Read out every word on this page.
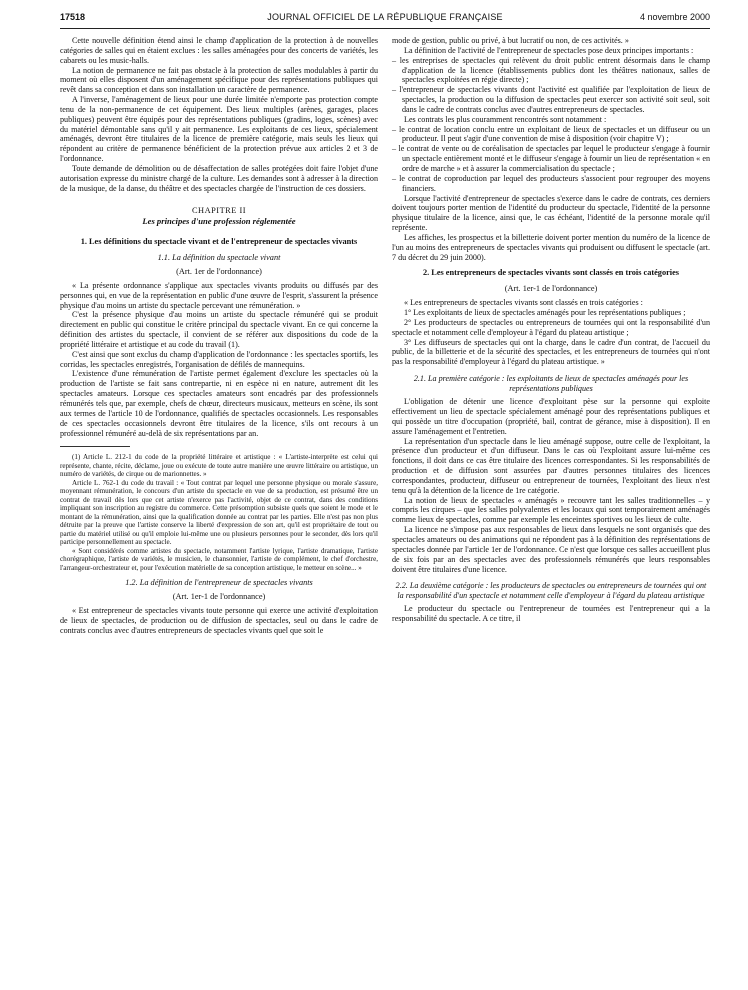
17518	JOURNAL OFFICIEL DE LA RÉPUBLIQUE FRANÇAISE	4 novembre 2000

Cette nouvelle définition étend ainsi le champ d'application de la protection à de nouvelles catégories de salles qui en étaient exclues : les salles aménagées pour des concerts de variétés, les cabarets ou les music-halls.

La notion de permanence ne fait pas obstacle à la protection de salles modulables à partir du moment où elles disposent d'un aménagement spécifique pour des représentations publiques qui revêt dans sa conception et dans son installation un caractère de permanence.

A l'inverse, l'aménagement de lieux pour une durée limitée n'emporte pas protection compte tenu de la non-permanence de cet équipement. Des lieux multiples (arènes, garages, places publiques) peuvent être équipés pour des représentations publiques (gradins, loges, scènes) avec du matériel démontable sans qu'il y ait permanence. Les exploitants de ces lieux, spécialement aménagés, devront être titulaires de la licence de première catégorie, mais seuls les lieux qui répondent au critère de permanence bénéficient de la protection prévue aux articles 2 et 3 de l'ordonnance.

Toute demande de démolition ou de désaffectation de salles protégées doit faire l'objet d'une autorisation expresse du ministre chargé de la culture. Les demandes sont à adresser à la direction de la musique, de la danse, du théâtre et des spectacles chargée de l'instruction de ces dossiers.

CHAPITRE II
Les principes d'une profession réglementée
1. Les définitions du spectacle vivant et de l'entrepreneur de spectacles vivants
1.1. La définition du spectacle vivant
(Art. 1er de l'ordonnance)

« La présente ordonnance s'applique aux spectacles vivants produits ou diffusés par des personnes qui, en vue de la représentation en public d'une œuvre de l'esprit, s'assurent la présence physique d'au moins un artiste du spectacle percevant une rémunération. »

C'est la présence physique d'au moins un artiste du spectacle rémunéré qui se produit directement en public qui constitue le critère principal du spectacle vivant. En ce qui concerne la définition des artistes du spectacle, il convient de se référer aux dispositions du code de la propriété littéraire et artistique et au code du travail (1).

C'est ainsi que sont exclus du champ d'application de l'ordonnance : les spectacles sportifs, les corridas, les spectacles enregistrés, l'organisation de défilés de mannequins.

L'existence d'une rémunération de l'artiste permet également d'exclure les spectacles où la production de l'artiste se fait sans contrepartie, ni en espèce ni en nature, autrement dit les spectacles amateurs. Lorsque ces spectacles amateurs sont encadrés par des professionnels rémunérés tels que, par exemple, chefs de chœur, directeurs musicaux, metteurs en scène, ils sont aux termes de l'article 10 de l'ordonnance, qualifiés de spectacles occasionnels. Les responsables de ces spectacles occasionnels devront être titulaires de la licence, s'ils ont recours à un professionnel rémunéré au-delà de six représentations par an.

(1) Article L. 212-1 du code de la propriété littéraire et artistique : « L'artiste-interprète est celui qui représente, chante, récite, déclame, joue ou exécute de toute autre manière une œuvre littéraire ou artistique, un numéro de variétés, de cirque ou de marionnettes. »

Article L. 762-1 du code du travail : « Tout contrat par lequel une personne physique ou morale s'assure, moyennant rémunération, le concours d'un artiste du spectacle en vue de sa production, est présumé être un contrat de travail dès lors que cet artiste n'exerce pas l'activité, objet de ce contrat, dans des conditions impliquant son inscription au registre du commerce. Cette présomption subsiste quels que soient le mode et le montant de la rémunération, ainsi que la qualification donnée au contrat par les parties. Elle n'est pas non plus détruite par la preuve que l'artiste conserve la liberté d'expression de son art, qu'il est propriétaire de tout ou partie du matériel utilisé ou qu'il emploie lui-même une ou plusieurs personnes pour le seconder, dès lors qu'il participe personnellement au spectacle.

« Sont considérés comme artistes du spectacle, notamment l'artiste lyrique, l'artiste dramatique, l'artiste chorégraphique, l'artiste de variétés, le musicien, le chansonnier, l'artiste de complément, le chef d'orchestre, l'arrangeur-orchestrateur et, pour l'exécution matérielle de sa conception artistique, le metteur en scène... »

1.2. La définition de l'entrepreneur de spectacles vivants
(Art. 1er-1 de l'ordonnance)

« Est entrepreneur de spectacles vivants toute personne qui exerce une activité d'exploitation de lieux de spectacles, de production ou de diffusion de spectacles, seul ou dans le cadre de contrats conclus avec d'autres entrepreneurs de spectacles vivants quel que soit le

mode de gestion, public ou privé, à but lucratif ou non, de ces activités. »

La définition de l'activité de l'entrepreneur de spectacles pose deux principes importants :

– les entreprises de spectacles qui relèvent du droit public entrent désormais dans le champ d'application de la licence (établissements publics dont les théâtres nationaux, salles de spectacles exploitées en régie directe) ;

– l'entrepreneur de spectacles vivants dont l'activité est qualifiée par l'exploitation de lieux de spectacles, la production ou la diffusion de spectacles peut exercer son activité soit seul, soit dans le cadre de contrats conclus avec d'autres entrepreneurs de spectacles.

Les contrats les plus couramment rencontrés sont notamment :

– le contrat de location conclu entre un exploitant de lieux de spectacles et un diffuseur ou un producteur. Il peut s'agir d'une convention de mise à disposition (voir chapitre V) ;

– le contrat de vente ou de coréalisation de spectacles par lequel le producteur s'engage à fournir un spectacle entièrement monté et le diffuseur s'engage à fournir un lieu de représentation « en ordre de marche » et à assurer la commercialisation du spectacle ;

– le contrat de coproduction par lequel des producteurs s'associent pour regrouper des moyens financiers.

Lorsque l'activité d'entrepreneur de spectacles s'exerce dans le cadre de contrats, ces derniers doivent toujours porter mention de l'identité du producteur du spectacle, l'identité de la personne physique titulaire de la licence, ainsi que, le cas échéant, l'identité de la personne morale qu'il représente.

Les affiches, les prospectus et la billetterie doivent porter mention du numéro de la licence de l'un au moins des entrepreneurs de spectacles vivants qui produisent ou diffusent le spectacle (art. 7 du décret du 29 juin 2000).

2. Les entrepreneurs de spectacles vivants sont classés en trois catégories
(Art. 1er-1 de l'ordonnance)

« Les entrepreneurs de spectacles vivants sont classés en trois catégories :

1° Les exploitants de lieux de spectacles aménagés pour les représentations publiques ;

2° Les producteurs de spectacles ou entrepreneurs de tournées qui ont la responsabilité d'un spectacle et notamment celle d'employeur à l'égard du plateau artistique ;

3° Les diffuseurs de spectacles qui ont la charge, dans le cadre d'un contrat, de l'accueil du public, de la billetterie et de la sécurité des spectacles, et les entrepreneurs de tournées qui n'ont pas la responsabilité d'employeur à l'égard du plateau artistique. »

2.1. La première catégorie : les exploitants de lieux de spectacles aménagés pour les représentations publiques

L'obligation de détenir une licence d'exploitant pèse sur la personne qui exploite effectivement un lieu de spectacle spécialement aménagé pour des représentations publiques et qui possède un titre d'occupation (propriété, bail, contrat de gérance, mise à disposition). Il en assure l'aménagement et l'entretien.

La représentation d'un spectacle dans le lieu aménagé suppose, outre celle de l'exploitant, la présence d'un producteur et d'un diffuseur. Dans le cas où l'exploitant assure lui-même ces fonctions, il doit dans ce cas être titulaire des licences correspondantes. Si les responsabilités de production et de diffusion sont assurées par d'autres personnes titulaires des licences correspondantes, producteur, diffuseur ou entrepreneur de tournées, l'exploitant des lieux n'est tenu qu'à la détention de la licence de 1re catégorie.

La notion de lieux de spectacles « aménagés » recouvre tant les salles traditionnelles – y compris les cirques – que les salles polyvalentes et les locaux qui sont temporairement aménagés comme lieux de spectacles, comme par exemple les enceintes sportives ou les lieux de culte.

La licence ne s'impose pas aux responsables de lieux dans lesquels ne sont organisés que des spectacles amateurs ou des animations qui ne répondent pas à la définition des représentations de spectacles donnée par l'article 1er de l'ordonnance. Ce n'est que lorsque ces salles accueillent plus de six fois par an des spectacles avec des professionnels rémunérés que leurs responsables doivent être titulaires d'une licence.

2.2. La deuxième catégorie : les producteurs de spectacles ou entrepreneurs de tournées qui ont la responsabilité d'un spectacle et notamment celle d'employeur à l'égard du plateau artistique

Le producteur du spectacle ou l'entrepreneur de tournées est l'entrepreneur qui a la responsabilité du spectacle. A ce titre, il
